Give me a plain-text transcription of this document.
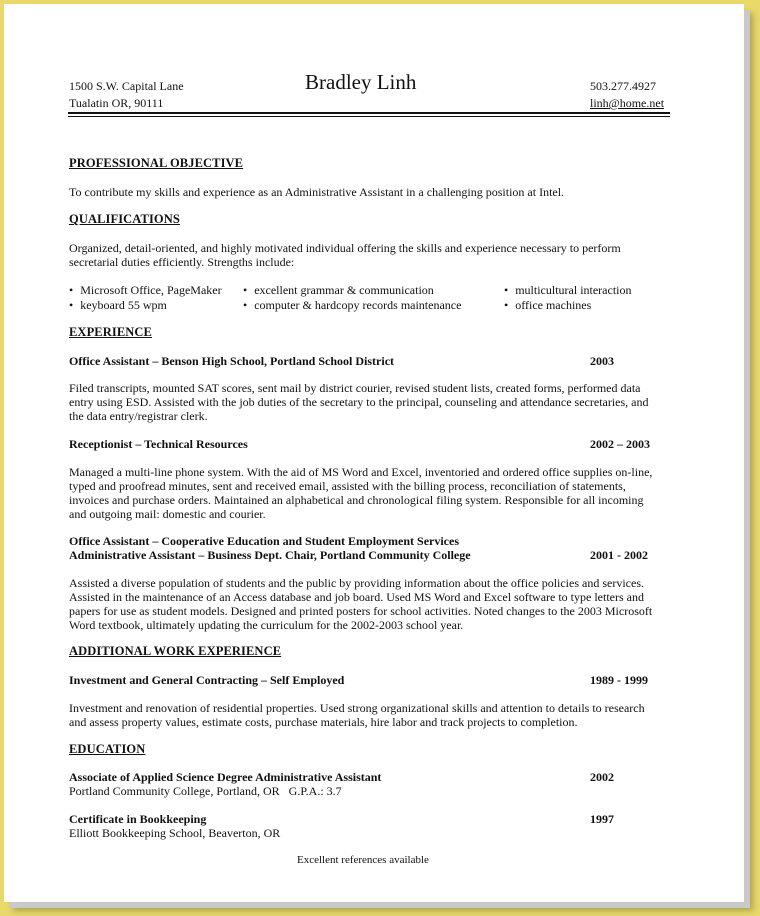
1500 S.W. Capital Lane
Tualatin OR, 90111
Bradley Linh	503.277.4927
linh@home.net
PROFESSIONAL OBJECTIVE
To contribute my skills and experience as an Administrative Assistant in a challenging position at Intel.
QUALIFICATIONS
Organized, detail-oriented, and highly motivated individual offering the skills and experience necessary to perform
secretarial duties efficiently. Strengths include:
• Microsoft Office, PageMaker
• keyboard 55 wpm
• excellent grammar & communication
• computer & hardcopy records maintenance
• multicultural interaction
• office machines
EXPERIENCE
Office Assistant – Benson High School, Portland School District	2003
Filed transcripts, mounted SAT scores, sent mail by district courier, revised student lists, created forms, performed data
entry using ESD. Assisted with the job duties of the secretary to the principal, counseling and attendance secretaries, and
the data entry/registrar clerk.
Receptionist – Technical Resources	2002 – 2003
Managed a multi-line phone system. With the aid of MS Word and Excel, inventoried and ordered office supplies on-line,
typed and proofread minutes, sent and received email, assisted with the billing process, reconciliation of statements,
invoices and purchase orders. Maintained an alphabetical and chronological filing system. Responsible for all incoming
and outgoing mail: domestic and courier.
Office Assistant – Cooperative Education and Student Employment Services
Administrative Assistant – Business Dept. Chair, Portland Community College	2001 - 2002
Assisted a diverse population of students and the public by providing information about the office policies and services.
Assisted in the maintenance of an Access database and job board. Used MS Word and Excel software to type letters and
papers for use as student models. Designed and printed posters for school activities. Noted changes to the 2003 Microsoft
Word textbook, ultimately updating the curriculum for the 2002-2003 school year.
ADDITIONAL WORK EXPERIENCE
Investment and General Contracting – Self Employed	1989 - 1999
Investment and renovation of residential properties. Used strong organizational skills and attention to details to research
and assess property values, estimate costs, purchase materials, hire labor and track projects to completion.
EDUCATION
Associate of Applied Science Degree Administrative Assistant	2002
Portland Community College, Portland, OR   G.P.A.: 3.7
Certificate in Bookkeeping	1997
Elliott Bookkeeping School, Beaverton, OR
Excellent references available
